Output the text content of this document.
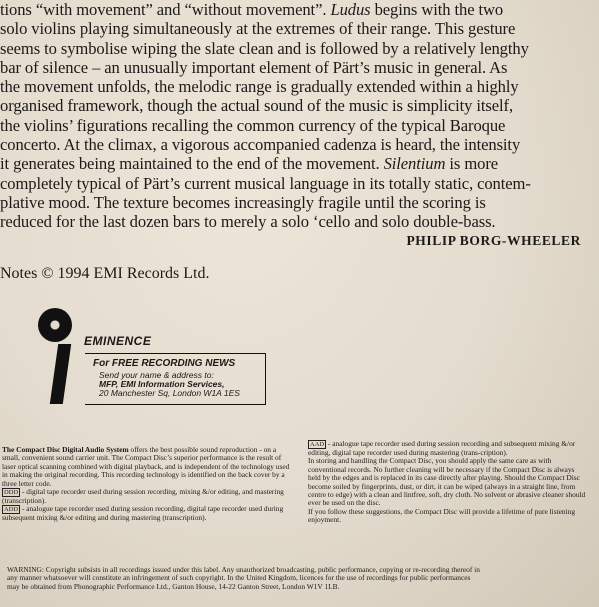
tions “with movement” and “without movement”. Ludus begins with the two

solo violins playing simultaneously at the extremes of their range. This gesture

seems to symbolise wiping the slate clean and is followed by a relatively lengthy

bar of silence – an unusually important element of Pärt’s music in general. As

the movement unfolds, the melodic range is gradually extended within a highly

organised framework, though the actual sound of the music is simplicity itself,

the violins’ figurations recalling the common currency of the typical Baroque

concerto. At the climax, a vigorous accompanied cadenza is heard, the intensity

it generates being maintained to the end of the movement. Silentium is more

completely typical of Pärt’s current musical language in its totally static, contem-

plative mood. The texture becomes increasingly fragile until the scoring is

reduced for the last dozen bars to merely a solo ‘cello and solo double-bass.

PHILIP BORG-WHEELER

Notes © 1994 EMI Records Ltd.

EMINENCE

For FREE RECORDING NEWS

Send your name & address to:
MFP, EMI Information Services,
20 Manchester Sq, London W1A 1ES

The Compact Disc Digital Audio System offers the best possible sound reproduction - on a small, convenient sound carrier unit. The Compact Disc’s superior performance is the result of laser optical scanning combined with digital playback, and is independent of the technology used in making the original recording. This recording technology is identified on the back cover by a three letter code.
DDD - digital tape recorder used during session recording, mixing &/or editing, and mastering (transcription).
ADD - analogue tape recorder used during session recording, digital tape recorder used during subsequent mixing &/or editing and during mastering (transcription).

AAD - analogue tape recorder used during session recording and subsequent mixing &/or editing, digital tape recorder used during mastering (trans-cription).
In storing and handling the Compact Disc, you should apply the same care as with conventional records. No further cleaning will be necessary if the Compact Disc is always held by the edges and is replaced in its case directly after playing. Should the Compact Disc become soiled by fingerprints, dust, or dirt, it can be wiped (always in a straight line, from centre to edge) with a clean and lintfree, soft, dry cloth. No solvent or abrasive cleaner should ever be used on the disc.
If you follow these suggestions, the Compact Disc will provide a lifetime of pure listening enjoyment.

WARNING: Copyright subsists in all recordings issued under this label. Any unauthorized broadcasting, public performance, copying or re-recording thereof in
any manner whatsoever will constitute an infringement of such copyright. In the United Kingdom, licences for the use of recordings for public performances
may be obtained from Phonographic Performance Ltd., Ganton House, 14-22 Ganton Street, London W1V 1LB.
